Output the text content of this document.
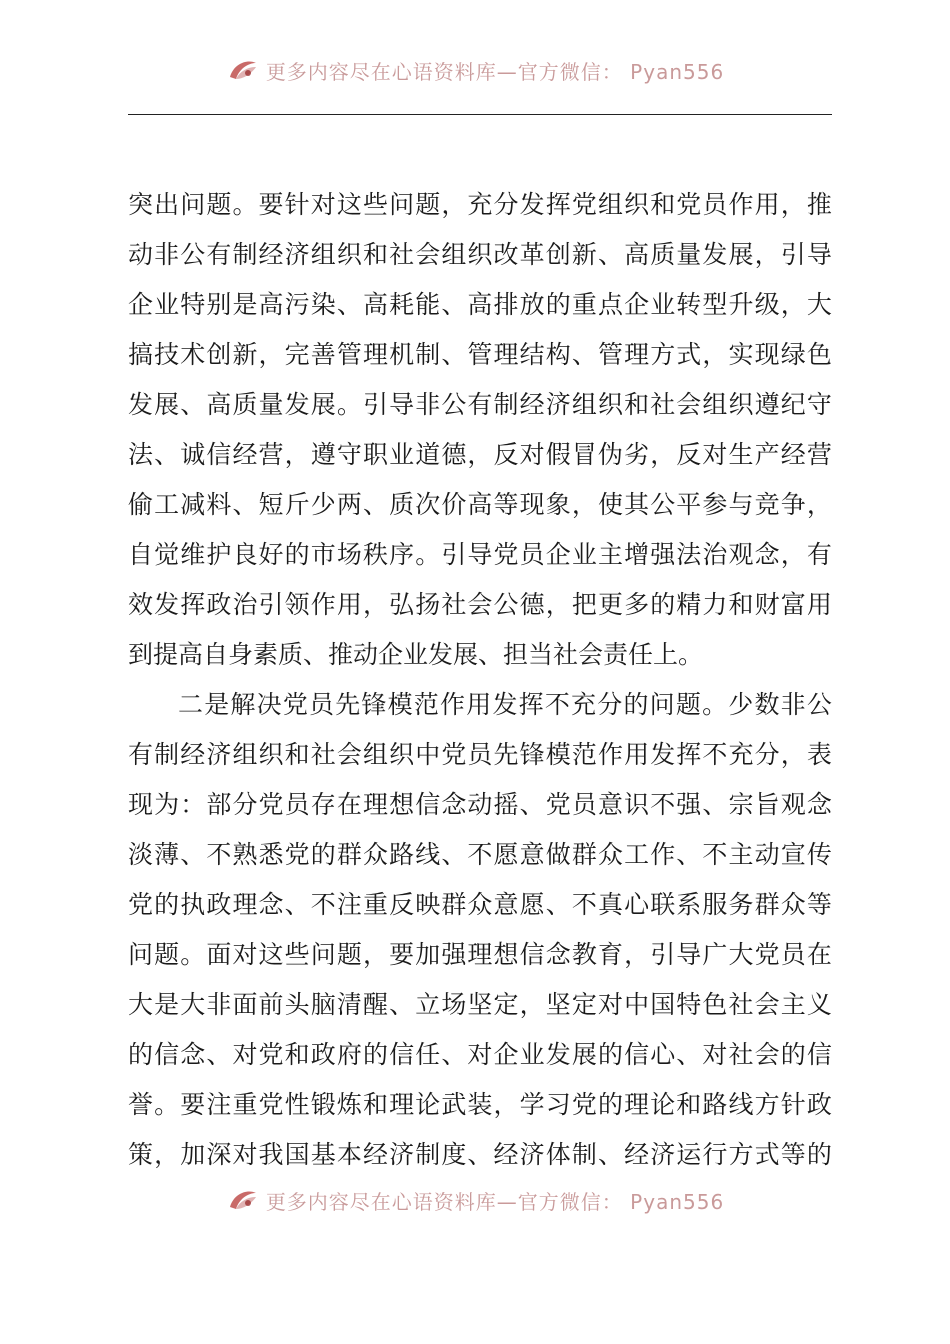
更多内容尽在心语资料库—官方微信： Pyan556
突 出 问 题 。 要 针 对 这 些 问 题 ， 充 分 发 挥 党 组 织 和 党 员 作 用 ， 推
动 非 公 有 制 经 济 组 织 和 社 会 组 织 改 革 创 新 、 高 质 量 发 展 ， 引 导
企 业 特 别 是 高 污 染 、 高 耗 能 、 高 排 放 的 重 点 企 业 转 型 升 级 ， 大
搞 技 术 创 新 ， 完 善 管 理 机 制 、 管 理 结 构 、 管 理 方 式 ， 实 现 绿 色
发 展 、 高 质 量 发 展 。 引 导 非 公 有 制 经 济 组 织 和 社 会 组 织 遵 纪 守
法 、 诚 信 经 营 ， 遵 守 职 业 道 德 ， 反 对 假 冒 伪 劣 ， 反 对 生 产 经 营
偷 工 减 料 、 短 斤 少 两 、 质 次 价 高 等 现 象 ， 使 其 公 平 参 与 竞 争 ，
自 觉 维 护 良 好 的 市 场 秩 序 。 引 导 党 员 企 业 主 增 强 法 治 观 念 ， 有
效 发 挥 政 治 引 领 作 用 ， 弘 扬 社 会 公 德 ， 把 更 多 的 精 力 和 财 富 用
到提高自身素质、推动企业发展、担当社会责任上。
二 是 解 决 党 员 先 锋 模 范 作 用 发 挥 不 充 分 的 问 题 。 少 数 非 公
有 制 经 济 组 织 和 社 会 组 织 中 党 员 先 锋 模 范 作 用 发 挥 不 充 分 ， 表
现 为 ： 部 分 党 员 存 在 理 想 信 念 动 摇 、 党 员 意 识 不 强 、 宗 旨 观 念
淡 薄 、 不 熟 悉 党 的 群 众 路 线 、 不 愿 意 做 群 众 工 作 、 不 主 动 宣 传
党 的 执 政 理 念 、 不 注 重 反 映 群 众 意 愿 、 不 真 心 联 系 服 务 群 众 等
问 题 。 面 对 这 些 问 题 ， 要 加 强 理 想 信 念 教 育 ， 引 导 广 大 党 员 在
大 是 大 非 面 前 头 脑 清 醒 、 立 场 坚 定 ， 坚 定 对 中 国 特 色 社 会 主 义
的 信 念 、 对 党 和 政 府 的 信 任 、 对 企 业 发 展 的 信 心 、 对 社 会 的 信
誉 。 要 注 重 党 性 锻 炼 和 理 论 武 装 ， 学 习 党 的 理 论 和 路 线 方 针 政
策 ， 加 深 对 我 国 基 本 经 济 制 度 、 经 济 体 制 、 经 济 运 行 方 式 等 的
更多内容尽在心语资料库—官方微信： Pyan556
